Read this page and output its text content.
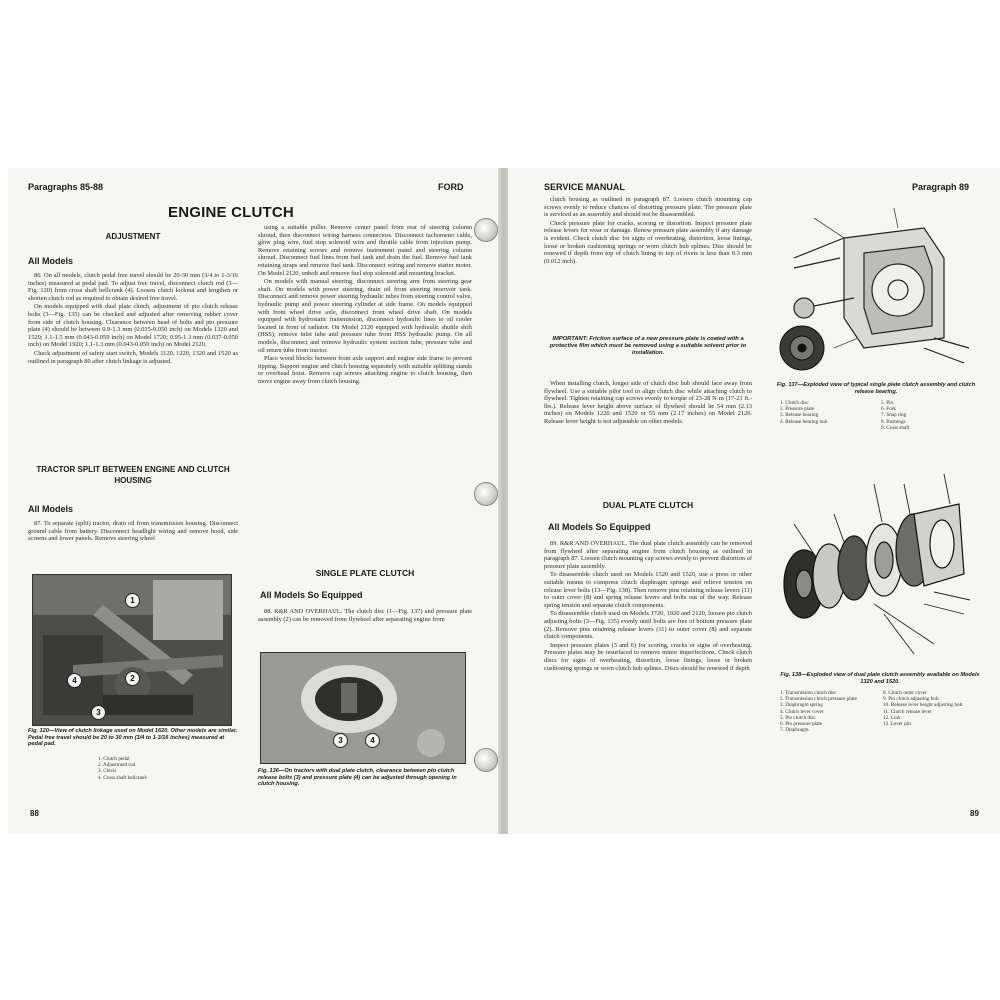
Paragraphs 85-88	FORD
ENGINE CLUTCH
ADJUSTMENT
All Models

86. On all models, clutch pedal free travel should be 20-30 mm (3/4 to 1-3/16 inches) measured at pedal pad. To adjust free travel, disconnect clutch rod (3—Fig. 120) from cross shaft bellcrank (4). Loosen clutch locknut and lengthen or shorten clutch rod as required to obtain desired free travel.

On models equipped with dual plate clutch, adjustment of pto clutch release bolts (3—Fig. 135) can be checked and adjusted after removing rubber cover from side of clutch housing. Clearance between head of bolts and pto pressure plate (4) should be between 0.9-1.3 mm (0.035-0.050 inch) on Models 1320 and 1520; 1.1-1.5 mm (0.043-0.059 inch) on Model 1720; 0.95-1.3 mm (0.037-0.050 inch) on Model 1920; 1.1-1.3 mm (0.043-0.050 inch) on Model 2120.

Check adjustment of safety start switch, Models 1120, 1220, 1320 and 1520 as outlined in paragraph 80 after clutch linkage is adjusted.

TRACTOR SPLIT BETWEEN ENGINE AND CLUTCH HOUSING
All Models

87. To separate (split) tractor, drain oil from transmission housing. Disconnect ground cable from battery. Disconnect headlight wiring and remove hood, side screens and lower panels. Remove steering wheel

1
2
3
4
Fig. 120—View of clutch linkage used on Model 1620. Other models are similar. Pedal free travel should be 20 to 30 mm (3/4 to 1-3/16 inches) measured at pedal pad.
1. Clutch pedal
2. Adjustment rod
3. Clevis
4. Cross shaft bellcrank

using a suitable puller. Remove center panel from rear of steering column shroud, then disconnect wiring harness connectors. Disconnect tachometer cable, glow plug wire, fuel stop solenoid wire and throttle cable from injection pump. Remove retaining screws and remove instrument panel and steering column shroud. Disconnect fuel lines from fuel tank and drain the fuel. Remove fuel tank retaining straps and remove fuel tank. Disconnect wiring and remove starter motor. On Model 2120, unbolt and remove fuel stop solenoid and mounting bracket.

On models with manual steering, disconnect steering arm from steering gear shaft. On models with power steering, drain oil from steering reservoir tank. Disconnect and remove power steering hydraulic tubes from steering control valve, hydraulic pump and power steering cylinder at side frame. On models equipped with front wheel drive axle, disconnect front wheel drive shaft. On models equipped with hydrostatic transmission, disconnect hydraulic lines to oil cooler located in front of radiator. On Model 2120 equipped with hydraulic shuttle shift (HSS), remove inlet tube and pressure tube from HSS hydraulic pump. On all models, disconnect and remove hydraulic system suction tube, pressure tube and oil return tube from tractor.

Place wood blocks between front axle support and engine side frame to prevent tipping. Support engine and clutch housing separately with suitable splitting stands or overhead hoist. Remove cap screws attaching engine to clutch housing, then move engine away from clutch housing.

SINGLE PLATE CLUTCH
All Models So Equipped

88. R&R AND OVERHAUL. The clutch disc (1—Fig. 137) and pressure plate assembly (2) can be removed from flywheel after separating engine from

3	4
Fig. 136—On tractors with dual plate clutch, clearance between pto clutch release bolts (3) and pressure plate (4) can be adjusted through opening in clutch housing.
88
SERVICE MANUAL	Paragraph 89

clutch housing as outlined in paragraph 87. Loosen clutch mounting cap screws evenly to reduce chances of distorting pressure plate. The pressure plate is serviced as an assembly and should not be disassembled.

Check pressure plate for cracks, scoring or distortion. Inspect pressure plate release levers for wear or damage. Renew pressure plate assembly if any damage is evident. Check clutch disc for signs of overheating, distortion, loose linings, loose or broken cushioning springs or worn clutch hub splines. Disc should be renewed if depth from top of clutch lining to top of rivets is less than 0.3 mm (0.012 inch).

IMPORTANT: Friction surface of a new pressure plate is coated with a protective film which must be removed using a suitable solvent prior to installation.

When installing clutch, longer side of clutch disc hub should face away from flywheel. Use a suitable pilot tool to align clutch disc while attaching clutch to flywheel. Tighten retaining cap screws evenly to torque of 23-28 N·m (17-21 ft.-lbs.). Release lever height above surface of flywheel should be 54 mm (2.13 inches) on Models 1220 and 1520 or 55 mm (2.17 inches) on Model 2120. Release lever height is not adjustable on other models.

DUAL PLATE CLUTCH
All Models So Equipped

89. R&R AND OVERHAUL. The dual plate clutch assembly can be removed from flywheel after separating engine from clutch housing as outlined in paragraph 87. Loosen clutch mounting cap screws evenly to prevent distortion of pressure plate assembly.

To disassemble clutch used on Models 1320 and 1520, use a press or other suitable means to compress clutch diaphragm springs and relieve tension on release lever bolts (13—Fig. 138). Then remove pins retaining release levers (11) to outer cover (8) and spring release levers and bolts out of the way. Release spring tension and separate clutch components.

To disassemble clutch used on Models 1720, 1920 and 2120, loosen pto clutch adjusting bolts (3—Fig. 135) evenly until bolts are free of bottom pressure plate (2). Remove pins retaining release levers (11) to outer cover (8) and separate clutch components.

Inspect pressure plates (3 and 6) for scoring, cracks or signs of overheating. Pressure plates may be resurfaced to remove minor imperfections. Check clutch discs for signs of overheating, distortion, loose linings, loose or broken cushioning springs or worn clutch hub splines. Discs should be renewed if depth

Fig. 137—Exploded view of typical single plate clutch assembly and clutch release bearing.
1. Clutch disc	5. Pin
2. Pressure plate	6. Fork
3. Release bearing	7. Snap ring
4. Release bearing hub	8. Bushings
9. Cross shaft
Fig. 138—Exploded view of dual plate clutch assembly available on Models 1320 and 1520.
1. Transmission clutch disc	8. Clutch outer cover
2. Transmission clutch pressure plate	9. Pto clutch adjusting bolt
3. Diaphragm spring	10. Release lever height adjusting bolt
4. Clutch lever cover	11. Clutch release lever
5. Pto clutch disc	12. Link
6. Pto pressure plate	13. Lever pin
7. Diaphragm
89
